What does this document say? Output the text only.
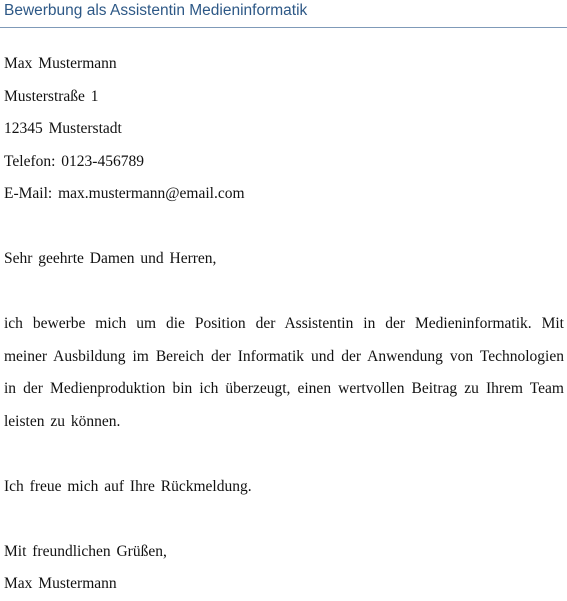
Bewerbung als Assistentin Medieninformatik

Max Mustermann

Musterstraße 1

12345 Musterstadt

Telefon: 0123-456789

E-Mail: max.mustermann@email.com

Sehr geehrte Damen und Herren,

ich bewerbe mich um die Position der Assistentin in der Medieninformatik. Mit meiner Ausbildung im Bereich der Informatik und der Anwendung von Technologien in der Medienproduktion bin ich überzeugt, einen wertvollen Beitrag zu Ihrem Team leisten zu können.

Ich freue mich auf Ihre Rückmeldung.

Mit freundlichen Grüßen,

Max Mustermann
